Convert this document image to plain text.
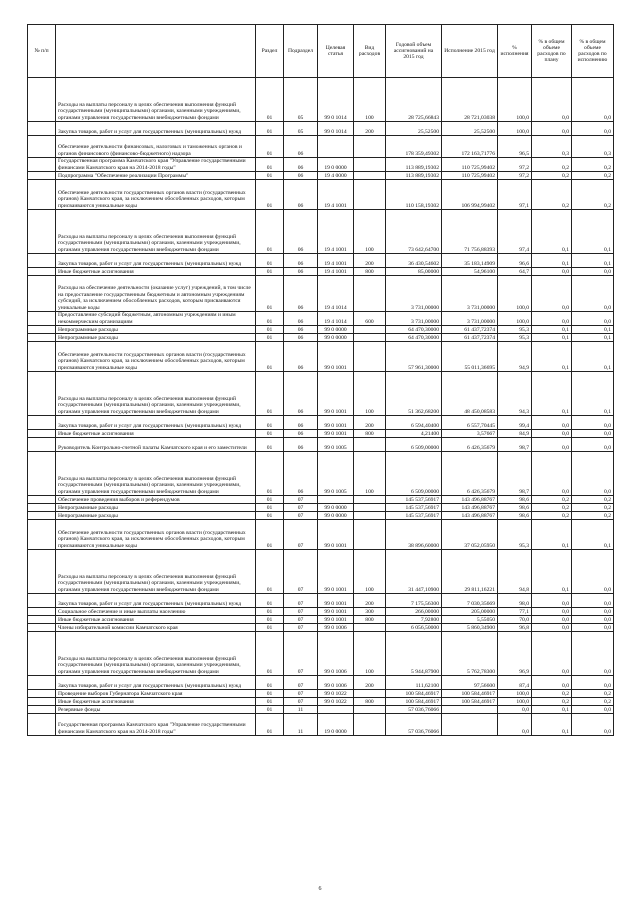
№ п/п		Раздел	Подраздел	Целевая статья	Вид расходов	Годовой объем ассигнований на 2015 год	Исполнение 2015 год	% исполнения	% в общем объеме расходов по плану	% в общем объеме расходов по исполнению
	Расходы на выплаты персоналу в целях обеспечения выполнения функций государственными (муниципальными) органами, казенными учреждениями, органами управления государственными внебюджетными фондами	01	05	99 0 1014	100	28 725,66843	28 721,03038	100,0	0,0	0,0
	Закупка товаров, работ и услуг для государственных (муниципальных) нужд	01	05	99 0 1014	200	25,52500	25,52500	100,0	0,0	0,0
	Обеспечение деятельности финансовых, налоговых и таможенных органов и органов финансового (финансово-бюджетного) надзора	01	06			178 359,49302	172 163,71776	96,5	0,3	0,3
	Государственная программа Камчатского края "Управление государственными финансами Камчатского края на 2014-2018 годы"	01	06	19 0 0000		113 889,19302	110 725,99402	97,2	0,2	0,2
	Подпрограмма "Обеспечение реализации Программы"	01	06	19 4 0000		113 889,19302	110 725,99402	97,2	0,2	0,2
	Обеспечение деятельности государственных органов власти (государственных органов) Камчатского края, за исключением обособленных расходов, которым присваиваются уникальные коды	01	06	19 4 1001		110 158,19302	106 994,99402	97,1	0,2	0,2
	Расходы на выплаты персоналу в целях обеспечения выполнения функций государственными (муниципальными) органами, казенными учреждениями, органами управления государственными внебюджетными фондами	01	06	19 4 1001	100	73 642,64700	71 756,88393	97,4	0,1	0,1
	Закупка товаров, работ и услуг для государственных (муниципальных) нужд	01	06	19 4 1001	200	36 430,54602	35 183,14909	96,6	0,1	0,1
	Иные бюджетные ассигнования	01	06	19 4 1001	800	85,00000	54,96100	64,7	0,0	0,0
	Расходы на обеспечение деятельности (оказание услуг) учреждений, в том числе на предоставление государственным бюджетным и автономным учреждениям субсидий, за исключением обособленных расходов, которым присваиваются уникальные коды	01	06	19 4 1014		3 731,00000	3 731,00000	100,0	0,0	0,0
	Предоставление субсидий бюджетным, автономным учреждениям и иным некоммерческим организациям	01	06	19 4 1014	600	3 731,00000	3 731,00000	100,0	0,0	0,0
	Непрограммные расходы	01	06	99 0 0000		64 470,30000	61 437,72374	95,3	0,1	0,1
	Непрограммные расходы	01	06	99 0 0000		64 470,30000	61 437,72374	95,3	0,1	0,1
	Обеспечение деятельности государственных органов власти (государственных органов) Камчатского края, за исключением обособленных расходов, которым присваиваются уникальные коды	01	06	99 0 1001		57 961,30000	55 011,36695	94,9	0,1	0,1
	Расходы на выплаты персоналу в целях обеспечения выполнения функций государственными (муниципальными) органами, казенными учреждениями, органами управления государственными внебюджетными фондами	01	06	99 0 1001	100	51 362,68200	48 450,08583	94,3	0,1	0,1
	Закупка товаров, работ и услуг для государственных (муниципальных) нужд	01	06	99 0 1001	200	6 594,40400	6 557,70445	99,4	0,0	0,0
	Иные бюджетные ассигнования	01	06	99 0 1001	800	4,21400	3,57667	84,9	0,0	0,0
	Руководитель Контрольно-счетной палаты Камчатского края и его заместители	01	06	99 0 1005		6 509,00000	6 426,35679	98,7	0,0	0,0
	Расходы на выплаты персоналу в целях обеспечения выполнения функций государственными (муниципальными) органами, казенными учреждениями, органами управления государственными внебюджетными фондами	01	06	99 0 1005	100	6 509,00000	6 426,35679	98,7	0,0	0,0
	Обеспечение проведения выборов и референдумов	01	07			145 537,56917	143 496,88767	98,6	0,2	0,2
	Непрограммные расходы	01	07	99 0 0000		145 537,56917	143 496,88767	98,6	0,2	0,2
	Непрограммные расходы	01	07	99 0 0000		145 537,56917	143 496,88767	98,6	0,2	0,2
	Обеспечение деятельности государственных органов власти (государственных органов) Камчатского края, за исключением обособленных расходов, которым присваиваются уникальные коды	01	07	99 0 1001		38 896,60000	37 052,05950	95,3	0,1	0,1
	Расходы на выплаты персоналу в целях обеспечения выполнения функций государственными (муниципальными) органами, казенными учреждениями, органами управления государственными внебюджетными фондами	01	07	99 0 1001	100	31 447,10900	29 811,16221	94,8	0,1	0,0
	Закупка товаров, работ и услуг для государственных (муниципальных) нужд	01	07	99 0 1001	200	7 175,56300	7 030,35669	98,0	0,0	0,0
	Социальное обеспечение и иные выплаты населению	01	07	99 0 1001	300	266,00000	205,00000	77,1	0,0	0,0
	Иные бюджетные ассигнования	01	07	99 0 1001	800	7,92800	5,55050	70,0	0,0	0,0
	Члены избирательной комиссии Камчатского края	01	07	99 0 1006		6 056,50000	5 860,34900	96,8	0,0	0,0
	Расходы на выплаты персоналу в целях обеспечения выполнения функций государственными (муниципальными) органами, казенными учреждениями, органами управления государственными внебюджетными фондами	01	07	99 0 1006	100	5 944,87900	5 762,78300	96,9	0,0	0,0
	Закупка товаров, работ и услуг для государственных (муниципальных) нужд	01	07	99 0 1006	200	111,62100	97,56600	87,4	0,0	0,0
	Проведение выборов Губернатора Камчатского края	01	07	99 0 1022		100 584,46917	100 584,46917	100,0	0,2	0,2
	Иные бюджетные ассигнования	01	07	99 0 1022	800	100 584,46917	100 584,46917	100,0	0,2	0,2
	Резервные фонды	01	11			57 036,76066		0,0	0,1	0,0
	Государственная программа Камчатского края "Управление государственными финансами Камчатского края на 2014-2018 годы"	01	11	19 0 0000		57 036,76066		0,0	0,1	0,0
6
